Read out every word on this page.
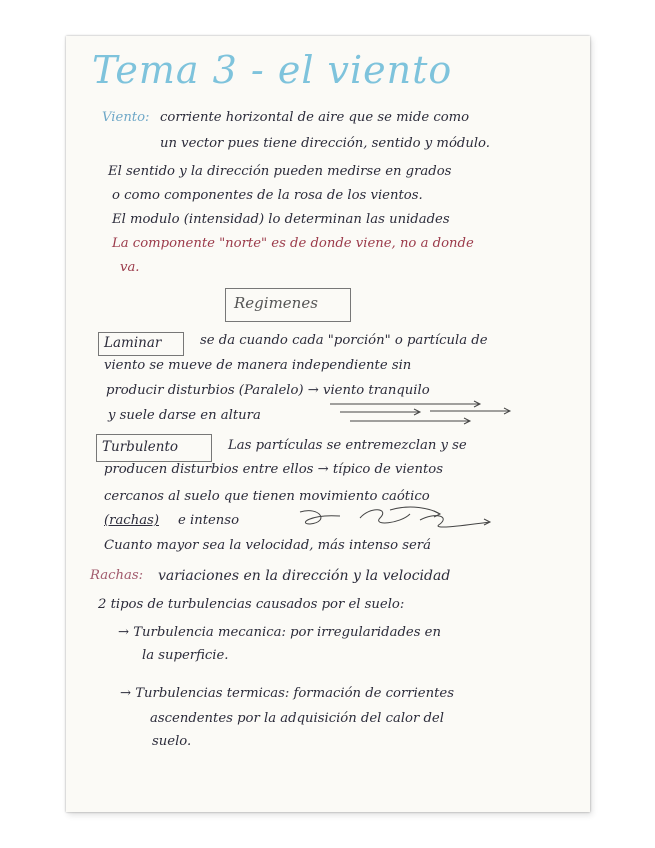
Tema 3 - el viento
Viento: corriente horizontal de aire que se mide como
un vector pues tiene dirección, sentido y módulo.
El sentido y la dirección pueden medirse en grados
o como componentes de la rosa de los vientos.
El modulo (intensidad) lo determinan las unidades
La componente "norte" es de donde viene, no a donde
va.
Regimenes
Laminar	se da cuando cada "porción" o partícula de
viento se mueve de manera independiente sin
producir disturbios (Paralelo) → viento tranquilo
y suele darse en altura
Turbulento	Las partículas se entremezclan y se
producen disturbios entre ellos → típico de vientos
cercanos al suelo que tienen movimiento caótico
(rachas) e intenso
Cuanto mayor sea la velocidad, más intenso será
Rachas: variaciones en la dirección y la velocidad
2 tipos de turbulencias causados por el suelo:
→ Turbulencia mecanica: por irregularidades en
la superficie.
→ Turbulencias termicas: formación de corrientes
ascendentes por la adquisición del calor del
suelo.
